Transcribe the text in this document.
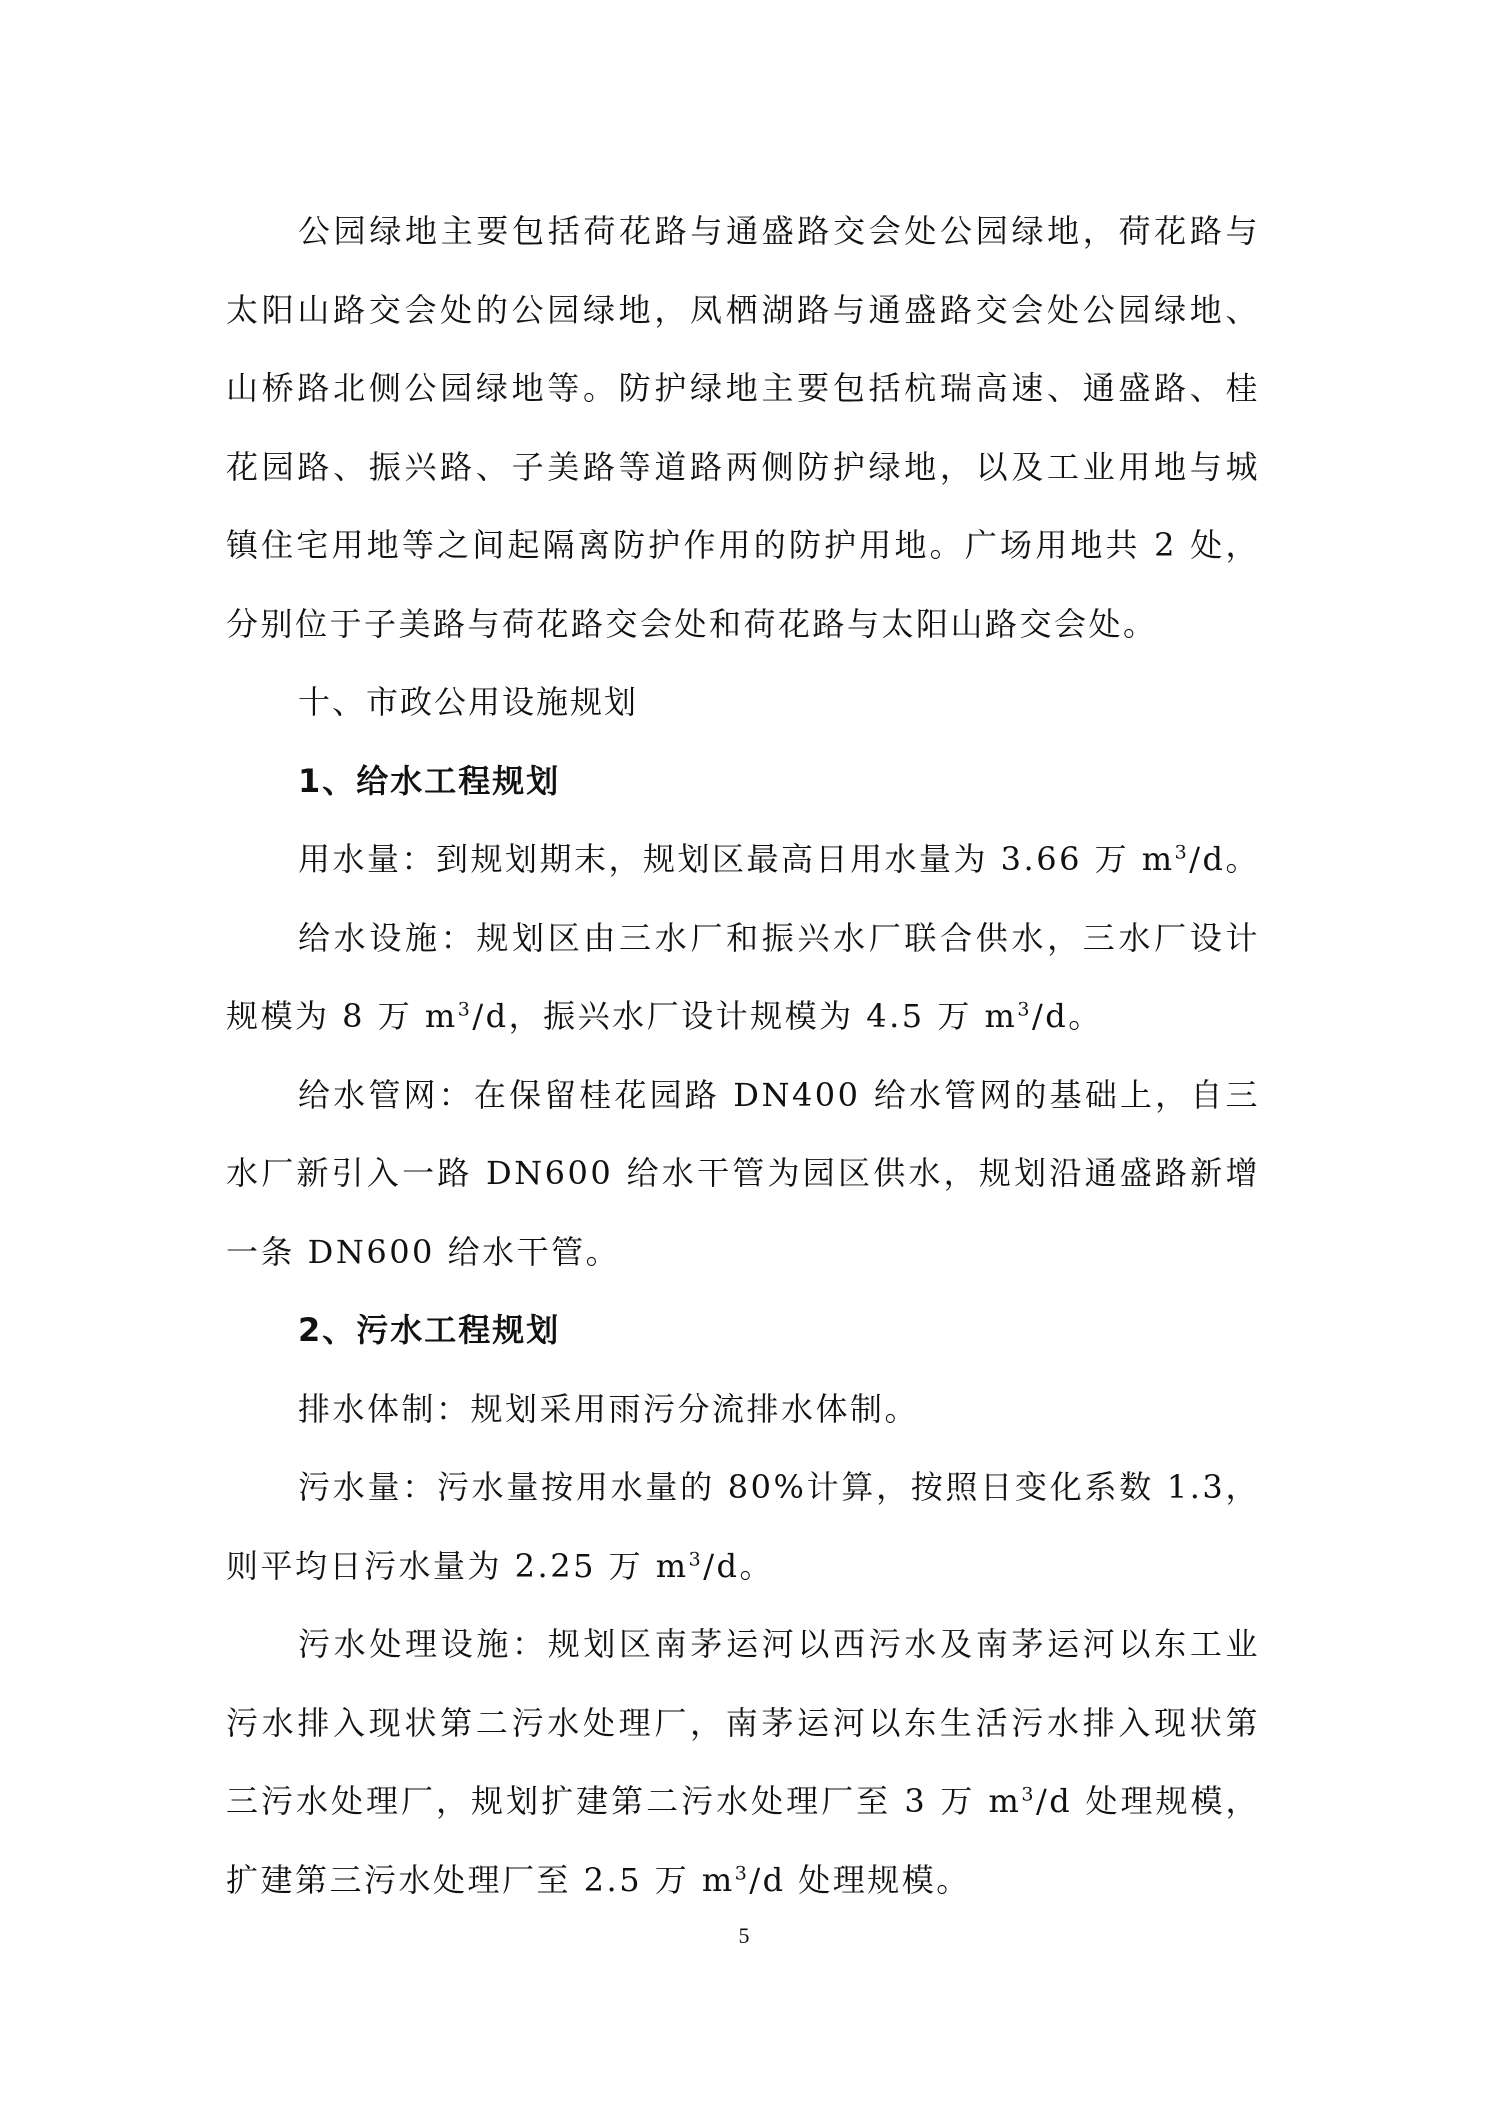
公园绿地主要包括荷花路与通盛路交会处公园绿地，荷花路与太阳山路交会处的公园绿地，凤栖湖路与通盛路交会处公园绿地、山桥路北侧公园绿地等。防护绿地主要包括杭瑞高速、通盛路、桂花园路、振兴路、子美路等道路两侧防护绿地，以及工业用地与城镇住宅用地等之间起隔离防护作用的防护用地。广场用地共 2 处，分别位于子美路与荷花路交会处和荷花路与太阳山路交会处。

十、市政公用设施规划

1、给水工程规划

用水量：到规划期末，规划区最高日用水量为 3.66 万 $m^3/d$。

给水设施：规划区由三水厂和振兴水厂联合供水，三水厂设计规模为 8 万 $m^3/d$，振兴水厂设计规模为 4.5 万 $m^3/d$。

给水管网：在保留桂花园路 DN400 给水管网的基础上，自三水厂新引入一路 DN600 给水干管为园区供水，规划沿通盛路新增一条 DN600 给水干管。

2、污水工程规划

排水体制：规划采用雨污分流排水体制。

污水量：污水量按用水量的 80%计算，按照日变化系数 1.3，则平均日污水量为 2.25 万 $m^3/d$。

污水处理设施：规划区南茅运河以西污水及南茅运河以东工业污水排入现状第二污水处理厂，南茅运河以东生活污水排入现状第三污水处理厂，规划扩建第二污水处理厂至 3 万 $m^3/d$ 处理规模，扩建第三污水处理厂至 2.5 万 $m^3/d$ 处理规模。

5
